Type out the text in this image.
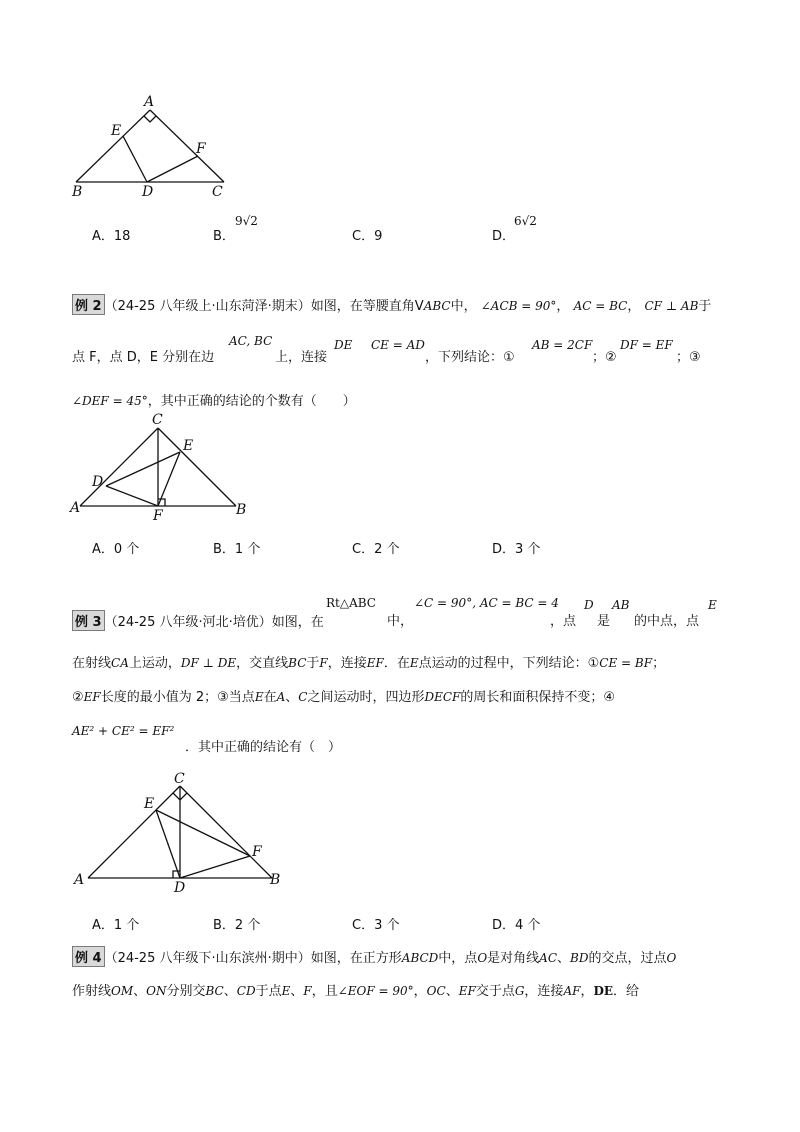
A
E
F
B	D	C
A．18	B．
9√2
C．9	D．
6√2
例 2 （24-25 八年级上·山东菏泽·期末）如图，在等腰直角VABC中， ∠ACB = 90°， AC = BC， CF ⊥ AB于
点 F，点 D，E 分别在边
AC, BC
上，连接
DE CE = AD
，下列结论：①
AB = 2CF
；②
DF = EF
；③
∠DEF = 45°，其中正确的结论的个数有（　　）
C
E
D
A	F	B
A．0 个	B．1 个	C．2 个	D．3 个
例 3 （24-25 八年级·河北·培优）如图，在
Rt△ABC
中，
∠C = 90°, AC = BC = 4
，点
D
是
AB
的中点，点
E
在射线CA上运动，DF ⊥ DE，交直线BC于F，连接EF．在E点运动的过程中，下列结论：①CE = BF；
②EF长度的最小值为 2；③当点E在A、C之间运动时，四边形DECF的周长和面积保持不变；④
AE² + CE² = EF²
．其中正确的结论有（　）
C
E
F
A	D	B
A．1 个	B．2 个	C．3 个	D．4 个
例 4 （24-25 八年级下·山东滨州·期中）如图，在正方形ABCD中，点O是对角线AC、BD的交点，过点O
作射线OM、ON分别交BC、CD于点E、F，且∠EOF = 90°，OC、EF交于点G，连接AF，DE．给
